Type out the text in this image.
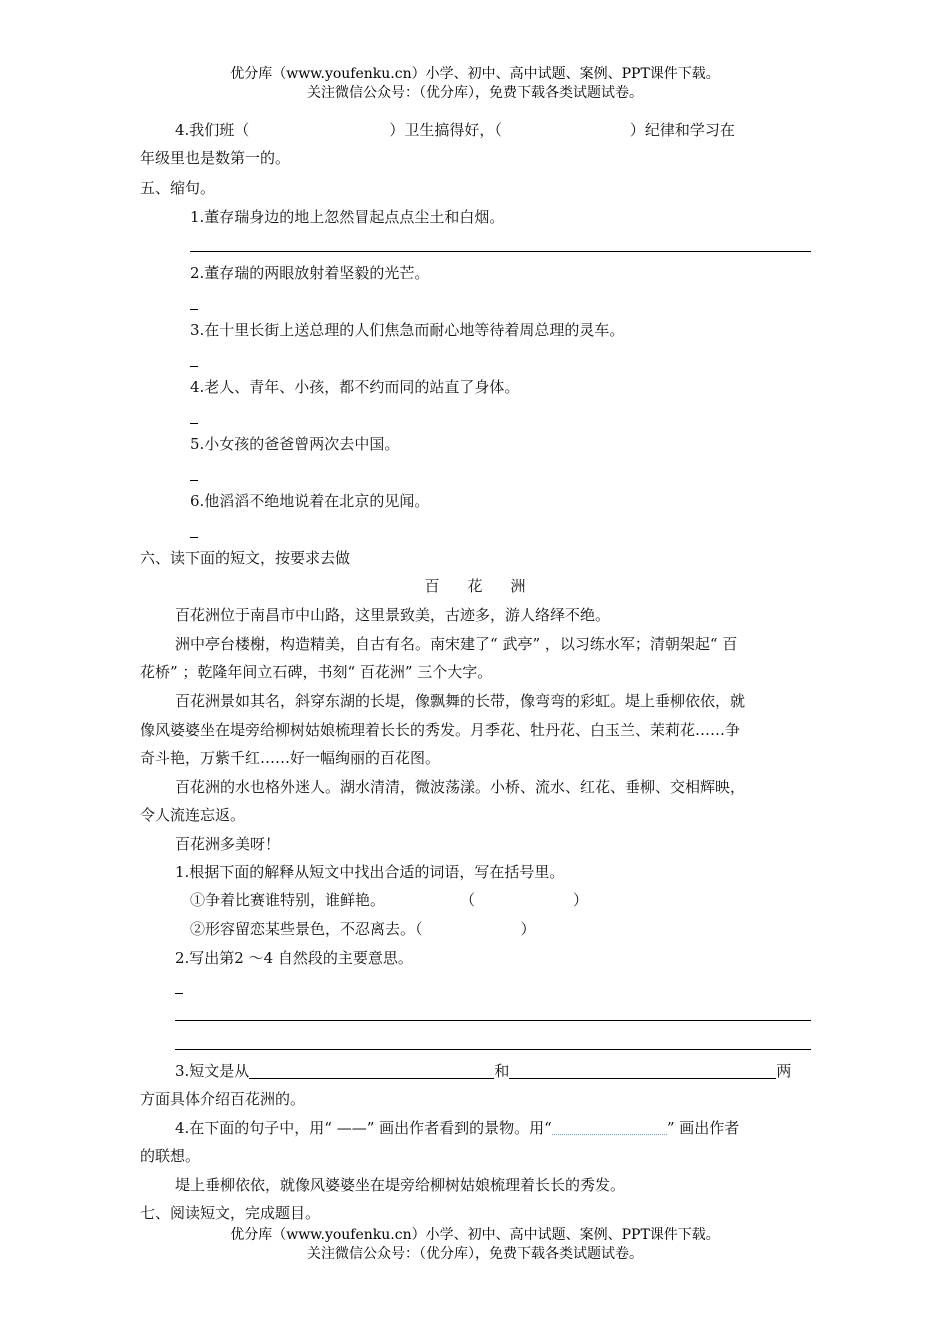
优分库（www.youfenku.cn）小学、初中、高中试题、案例、PPT课件下载。
关注微信公众号：（优分库），免费下载各类试题试卷。
4.我们班（	）卫生搞得好，（	）纪律和学习在
年级里也是数第一的。
五、缩句。
1.董存瑞身边的地上忽然冒起点点尘土和白烟。
2.董存瑞的两眼放射着坚毅的光芒。
3.在十里长街上送总理的人们焦急而耐心地等待着周总理的灵车。
4.老人、青年、小孩，都不约而同的站直了身体。
5.小女孩的爸爸曾两次去中国。
6.他滔滔不绝地说着在北京的见闻。
六、读下面的短文，按要求去做
百 花 洲
百花洲位于南昌市中山路，这里景致美，古迹多，游人络绎不绝。
洲中亭台楼榭，构造精美，自古有名。南宋建了“ 武亭” ，以习练水军；清朝架起“ 百
花桥” ；乾隆年间立石碑，书刻“ 百花洲” 三个大字。
百花洲景如其名，斜穿东湖的长堤，像飘舞的长带，像弯弯的彩虹。堤上垂柳依依，就
像风婆婆坐在堤旁给柳树姑娘梳理着长长的秀发。月季花、牡丹花、白玉兰、茉莉花……争
奇斗艳，万紫千红……好一幅绚丽的百花图。
百花洲的水也格外迷人。湖水清清，微波荡漾。小桥、流水、红花、垂柳、交相辉映，
令人流连忘返。
百花洲多美呀！
1.根据下面的解释从短文中找出合适的词语，写在括号里。
①争着比赛谁特别，谁鲜艳。	（	）
②形容留恋某些景色，不忍离去。（	）
2.写出第2 ～4 自然段的主要意思。
3.短文是从	和	两
方面具体介绍百花洲的。
4.在下面的句子中，用“ ——” 画出作者看到的景物。用“	” 画出作者
的联想。
堤上垂柳依依，就像风婆婆坐在堤旁给柳树姑娘梳理着长长的秀发。
七、阅读短文，完成题目。
优分库（www.youfenku.cn）小学、初中、高中试题、案例、PPT课件下载。
关注微信公众号：（优分库），免费下载各类试题试卷。
